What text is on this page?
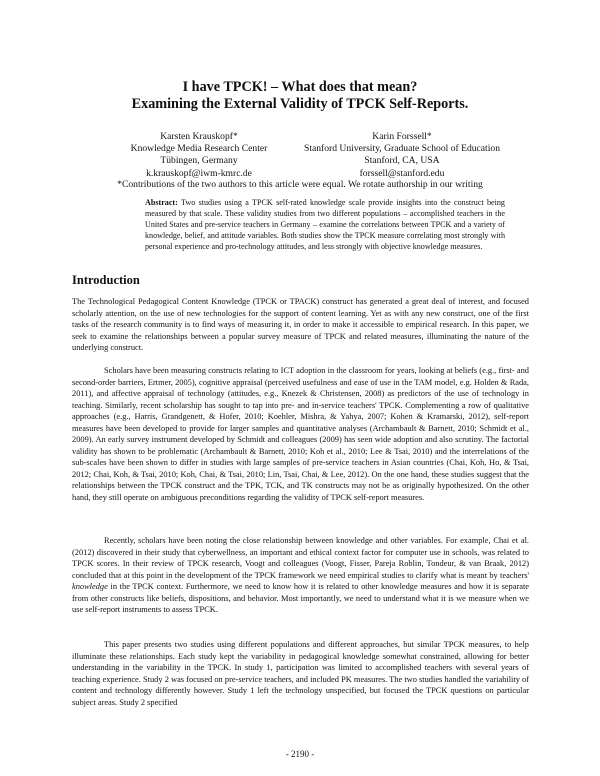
I have TPCK! – What does that mean?
Examining the External Validity of TPCK Self-Reports.
Karsten Krauskopf*
Knowledge Media Research Center
Tübingen, Germany
k.krauskopf@iwm-kmrc.de
Karin Forssell*
Stanford University, Graduate School of Education
Stanford, CA, USA
forssell@stanford.edu
*Contributions of the two authors to this article were equal. We rotate authorship in our writing
Abstract: Two studies using a TPCK self-rated knowledge scale provide insights into the construct being measured by that scale. These validity studies from two different populations – accomplished teachers in the United States and pre-service teachers in Germany – examine the correlations between TPCK and a variety of knowledge, belief, and attitude variables. Both studies show the TPCK measure correlating most strongly with personal experience and pro-technology attitudes, and less strongly with objective knowledge measures.
Introduction
The Technological Pedagogical Content Knowledge (TPCK or TPACK) construct has generated a great deal of interest, and focused scholarly attention, on the use of new technologies for the support of content learning. Yet as with any new construct, one of the first tasks of the research community is to find ways of measuring it, in order to make it accessible to empirical research. In this paper, we seek to examine the relationships between a popular survey measure of TPCK and related measures, illuminating the nature of the underlying construct.
Scholars have been measuring constructs relating to ICT adoption in the classroom for years, looking at beliefs (e.g., first- and second-order barriers, Ertmer, 2005), cognitive appraisal (perceived usefulness and ease of use in the TAM model, e.g. Holden & Rada, 2011), and affective appraisal of technology (attitudes, e.g., Knezek & Christensen, 2008) as predictors of the use of technology in teaching. Similarly, recent scholarship has sought to tap into pre- and in-service teachers' TPCK. Complementing a row of qualitative approaches (e.g., Harris, Grandgenett, & Hofer, 2010; Koehler, Mishra, & Yahya, 2007; Kohen & Kramarski, 2012), self-report measures have been developed to provide for larger samples and quantitative analyses (Archambault & Barnett, 2010; Schmidt et al., 2009). An early survey instrument developed by Schmidt and colleagues (2009) has seen wide adoption and also scrutiny. The factorial validity has shown to be problematic (Archambault & Barnett, 2010; Koh et al., 2010; Lee & Tsai, 2010) and the interrelations of the sub-scales have been shown to differ in studies with large samples of pre-service teachers in Asian countries (Chai, Koh, Ho, & Tsai, 2012; Chai, Koh, & Tsai, 2010; Koh, Chai, & Tsai, 2010; Lin, Tsai, Chai, & Lee, 2012). On the one hand, these studies suggest that the relationships between the TPCK construct and the TPK, TCK, and TK constructs may not be as originally hypothesized. On the other hand, they still operate on ambiguous preconditions regarding the validity of TPCK self-report measures.
Recently, scholars have been noting the close relationship between knowledge and other variables. For example, Chai et al. (2012) discovered in their study that cyberwellness, an important and ethical context factor for computer use in schools, was related to TPCK scores. In their review of TPCK research, Voogt and colleagues (Voogt, Fisser, Pareja Roblin, Tondeur, & van Braak, 2012) concluded that at this point in the development of the TPCK framework we need empirical studies to clarify what is meant by teachers' knowledge in the TPCK context. Furthermore, we need to know how it is related to other knowledge measures and how it is separate from other constructs like beliefs, dispositions, and behavior. Most importantly, we need to understand what it is we measure when we use self-report instruments to assess TPCK.
This paper presents two studies using different populations and different approaches, but similar TPCK measures, to help illuminate these relationships. Each study kept the variability in pedagogical knowledge somewhat constrained, allowing for better understanding in the variability in the TPCK. In study 1, participation was limited to accomplished teachers with several years of teaching experience. Study 2 was focused on pre-service teachers, and included PK measures. The two studies handled the variability of content and technology differently however. Study 1 left the technology unspecified, but focused the TPCK questions on particular subject areas. Study 2 specified
- 2190 -
